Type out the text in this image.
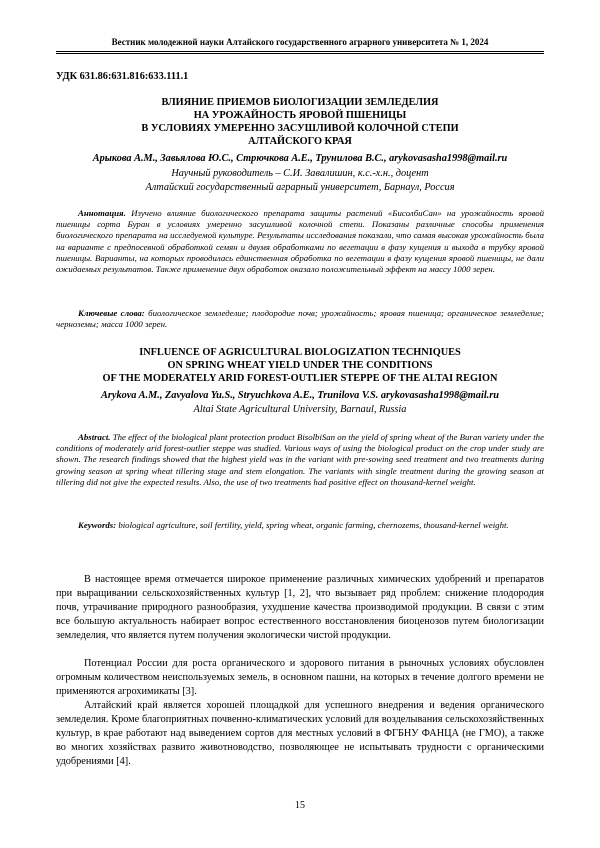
Вестник молодежной науки Алтайского государственного аграрного университета № 1, 2024
УДК 631.86:631.816:633.111.1
ВЛИЯНИЕ ПРИЕМОВ БИОЛОГИЗАЦИИ ЗЕМЛЕДЕЛИЯ
НА УРОЖАЙНОСТЬ ЯРОВОЙ ПШЕНИЦЫ
В УСЛОВИЯХ УМЕРЕННО ЗАСУШЛИВОЙ КОЛОЧНОЙ СТЕПИ
АЛТАЙСКОГО КРАЯ
Арыкова А.М., Завьялова Ю.С., Стрючкова А.Е., Трунилова В.С., arykovasasha1998@mail.ru
Научный руководитель – С.И. Завалишин, к.с.-х.н., доцент
Алтайский государственный аграрный университет, Барнаул, Россия
Аннотация. Изучено влияние биологического препарата защиты растений «БисолбиСан» на урожайность яровой пшеницы сорта Буран в условиях умеренно засушливой колочной степи. Показаны различные способы применения биологического препарата на исследуемой культуре. Результаты исследования показали, что самая высокая урожайность была на варианте с предпосевной обработкой семян и двумя обработками по вегетации в фазу кущения и выхода в трубку яровой пшеницы. Варианты, на которых проводилась единственная обработка по вегетации в фазу кущения яровой пшеницы, не дали ожидаемых результатов. Также применение двух обработок оказало положительный эффект на массу 1000 зерен.
Ключевые слова: биологическое земледелие; плодородие почв; урожайность; яровая пшеница; органическое земледелие; черноземы; масса 1000 зерен.
INFLUENCE OF AGRICULTURAL BIOLOGIZATION TECHNIQUES
ON SPRING WHEAT YIELD UNDER THE CONDITIONS
OF THE MODERATELY ARID FOREST-OUTLIER STEPPE OF THE ALTAI REGION
Arykova A.M., Zavyalova Yu.S., Stryuchkova A.E., Trunilova V.S. arykovasasha1998@mail.ru
Altai State Agricultural University, Barnaul, Russia
Abstract. The effect of the biological plant protection product BisolbiSan on the yield of spring wheat of the Buran variety under the conditions of moderately arid forest-outlier steppe was studied. Various ways of using the biological product on the crop under study are shown. The research findings showed that the highest yield was in the variant with pre-sowing seed treatment and two treatments during growing season at spring wheat tillering stage and stem elongation. The variants with single treatment during the growing season at tillering did not give the expected results. Also, the use of two treatments had positive effect on thousand-kernel weight.
Keywords: biological agriculture, soil fertility, yield, spring wheat, organic farming, chernozems, thousand-kernel weight.
В настоящее время отмечается широкое применение различных химических удобрений и препаратов при выращивании сельскохозяйственных культур [1, 2], что вызывает ряд проблем: снижение плодородия почв, утрачивание природного разнообразия, ухудшение качества производимой продукции. В связи с этим все большую актуальность набирает вопрос естественного восстановления биоценозов путем биологизации земледелия, что является путем получения экологически чистой продукции.
Потенциал России для роста органического и здорового питания в рыночных условиях обусловлен огромным количеством неиспользуемых земель, в основном пашни, на которых в течение долгого времени не применяются агрохимикаты [3].
Алтайский край является хорошей площадкой для успешного внедрения и ведения органического земледелия. Кроме благоприятных почвенно-климатических условий для возделывания сельскохозяйственных культур, в крае работают над выведением сортов для местных условий в ФГБНУ ФАНЦА (не ГМО), а также во многих хозяйствах развито животноводство, позволяющее не испытывать трудности с органическими удобрениями [4].
15
